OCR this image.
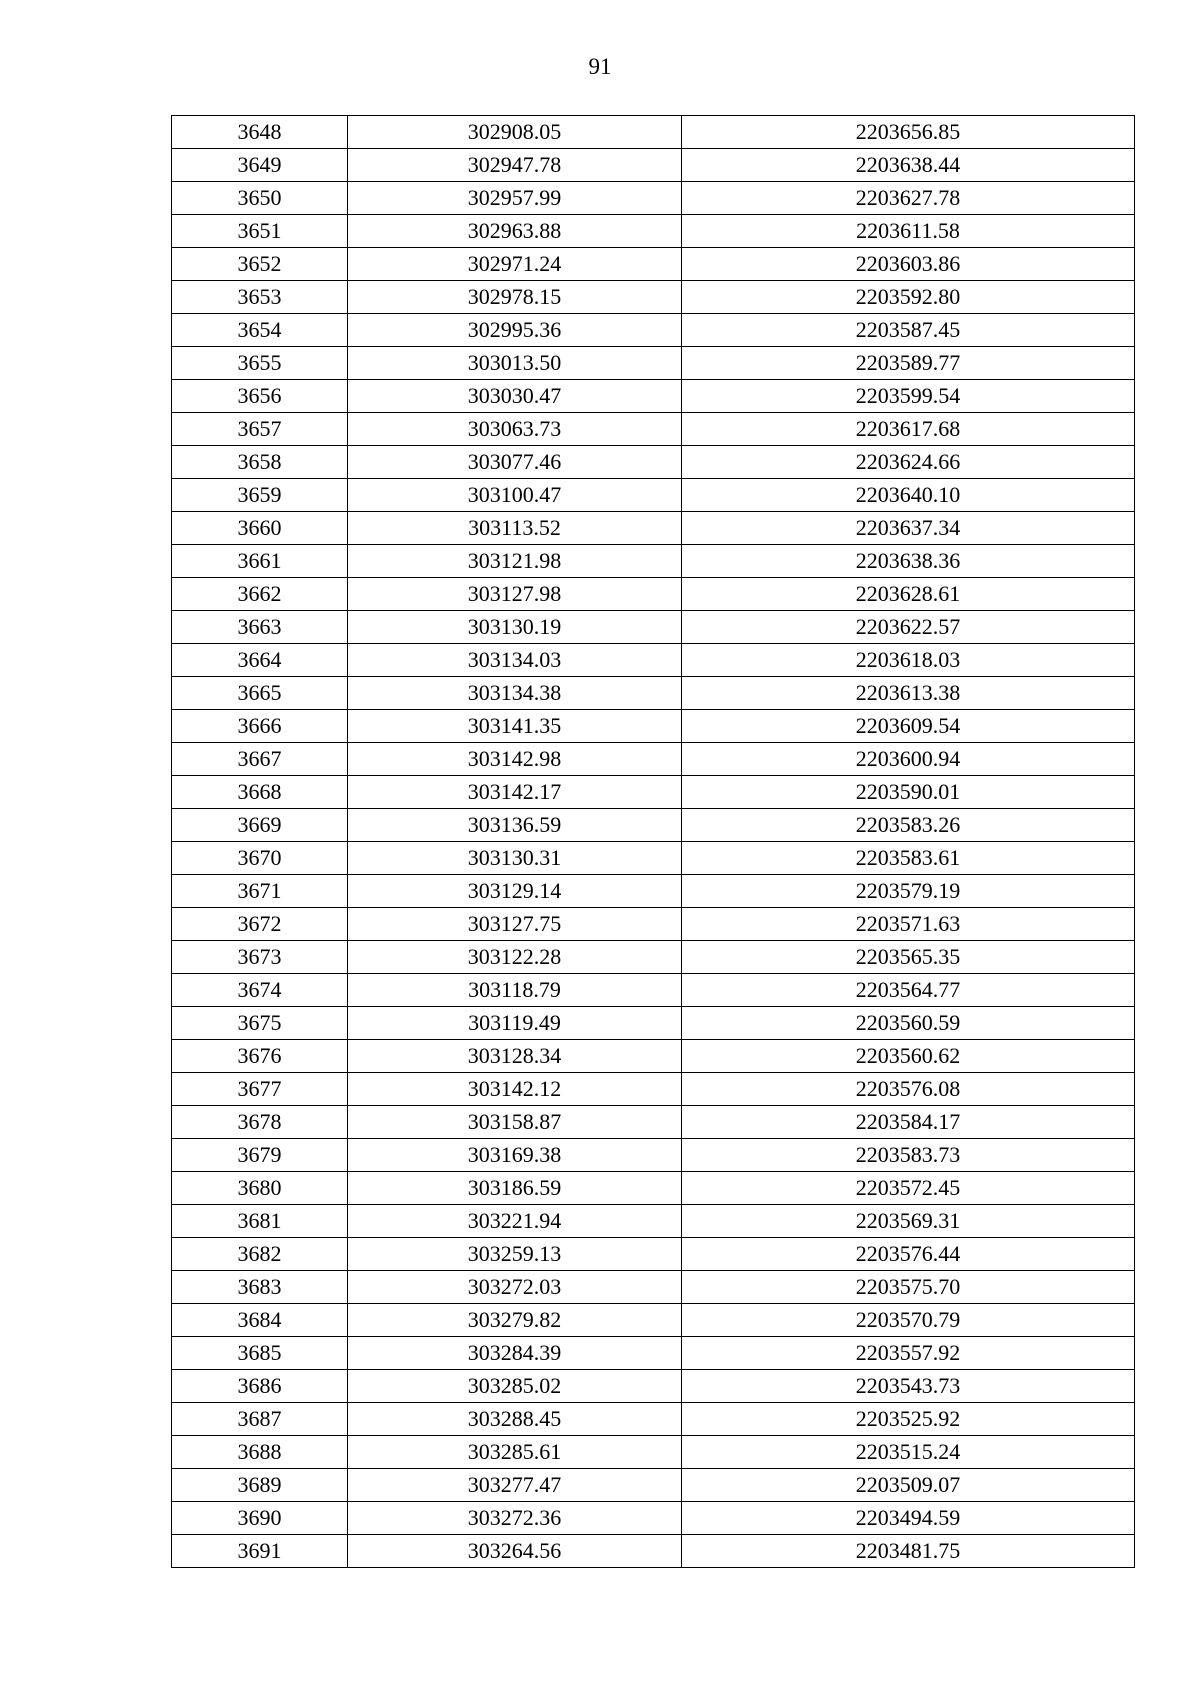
91
3648	302908.05	2203656.85
3649	302947.78	2203638.44
3650	302957.99	2203627.78
3651	302963.88	2203611.58
3652	302971.24	2203603.86
3653	302978.15	2203592.80
3654	302995.36	2203587.45
3655	303013.50	2203589.77
3656	303030.47	2203599.54
3657	303063.73	2203617.68
3658	303077.46	2203624.66
3659	303100.47	2203640.10
3660	303113.52	2203637.34
3661	303121.98	2203638.36
3662	303127.98	2203628.61
3663	303130.19	2203622.57
3664	303134.03	2203618.03
3665	303134.38	2203613.38
3666	303141.35	2203609.54
3667	303142.98	2203600.94
3668	303142.17	2203590.01
3669	303136.59	2203583.26
3670	303130.31	2203583.61
3671	303129.14	2203579.19
3672	303127.75	2203571.63
3673	303122.28	2203565.35
3674	303118.79	2203564.77
3675	303119.49	2203560.59
3676	303128.34	2203560.62
3677	303142.12	2203576.08
3678	303158.87	2203584.17
3679	303169.38	2203583.73
3680	303186.59	2203572.45
3681	303221.94	2203569.31
3682	303259.13	2203576.44
3683	303272.03	2203575.70
3684	303279.82	2203570.79
3685	303284.39	2203557.92
3686	303285.02	2203543.73
3687	303288.45	2203525.92
3688	303285.61	2203515.24
3689	303277.47	2203509.07
3690	303272.36	2203494.59
3691	303264.56	2203481.75
